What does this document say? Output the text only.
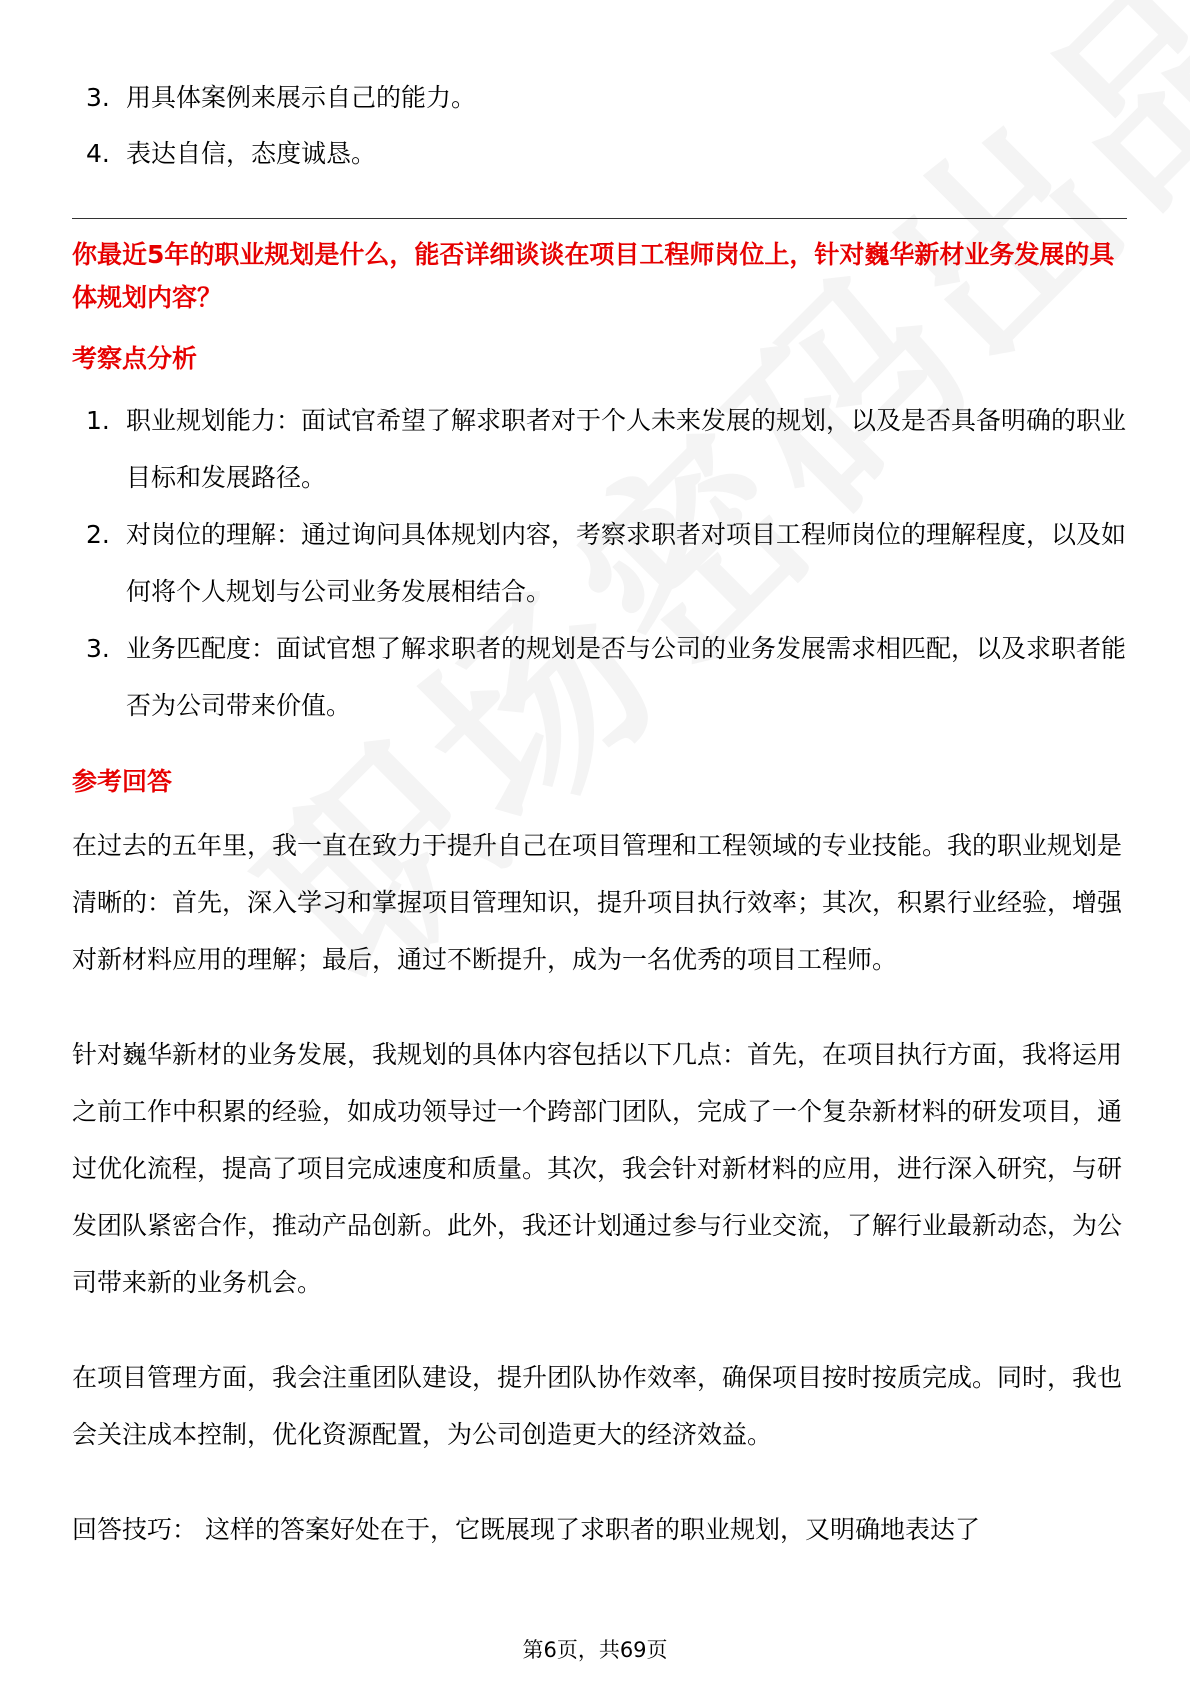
3. 用具体案例来展示自己的能力。
4. 表达自信，态度诚恳。

你最近5年的职业规划是什么，能否详细谈谈在项目工程师岗位上，针对巍华新材业务发展的具体规划内容？

考察点分析
1. 职业规划能力：面试官希望了解求职者对于个人未来发展的规划，以及是否具备明确的职业目标和发展路径。
2. 对岗位的理解：通过询问具体规划内容，考察求职者对项目工程师岗位的理解程度，以及如何将个人规划与公司业务发展相结合。
3. 业务匹配度：面试官想了解求职者的规划是否与公司的业务发展需求相匹配，以及求职者能否为公司带来价值。
参考回答

在过去的五年里，我一直在致力于提升自己在项目管理和工程领域的专业技能。我的职业规划是清晰的：首先，深入学习和掌握项目管理知识，提升项目执行效率；其次，积累行业经验，增强对新材料应用的理解；最后，通过不断提升，成为一名优秀的项目工程师。

针对巍华新材的业务发展，我规划的具体内容包括以下几点：首先，在项目执行方面，我将运用之前工作中积累的经验，如成功领导过一个跨部门团队，完成了一个复杂新材料的研发项目，通过优化流程，提高了项目完成速度和质量。其次，我会针对新材料的应用，进行深入研究，与研发团队紧密合作，推动产品创新。此外，我还计划通过参与行业交流，了解行业最新动态，为公司带来新的业务机会。

在项目管理方面，我会注重团队建设，提升团队协作效率，确保项目按时按质完成。同时，我也会关注成本控制，优化资源配置，为公司创造更大的经济效益。

回答技巧： 这样的答案好处在于，它既展现了求职者的职业规划，又明确地表达了

第6页，共69页
